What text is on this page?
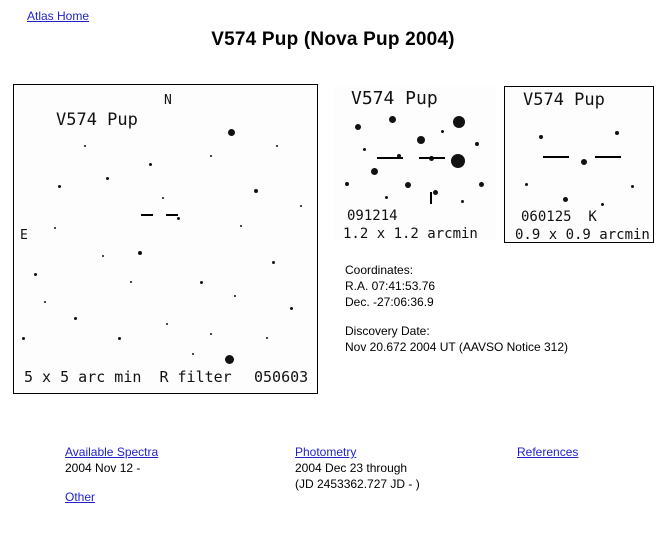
Atlas Home
V574 Pup (Nova Pup 2004)
V574 Pup
N
E
5 x 5 arc min  R filter 050603
V574 Pup
091214
1.2 x 1.2 arcmin
V574 Pup
060125  K
0.9 x 0.9 arcmin
Coordinates:
R.A. 07:41:53.76
Dec. -27:06:36.9
Discovery Date:
Nov 20.672 2004 UT (AAVSO Notice 312)
Available Spectra
2004 Nov 12 -
Photometry
2004 Dec 23 through
(JD 2453362.727 JD - )
References
Other
